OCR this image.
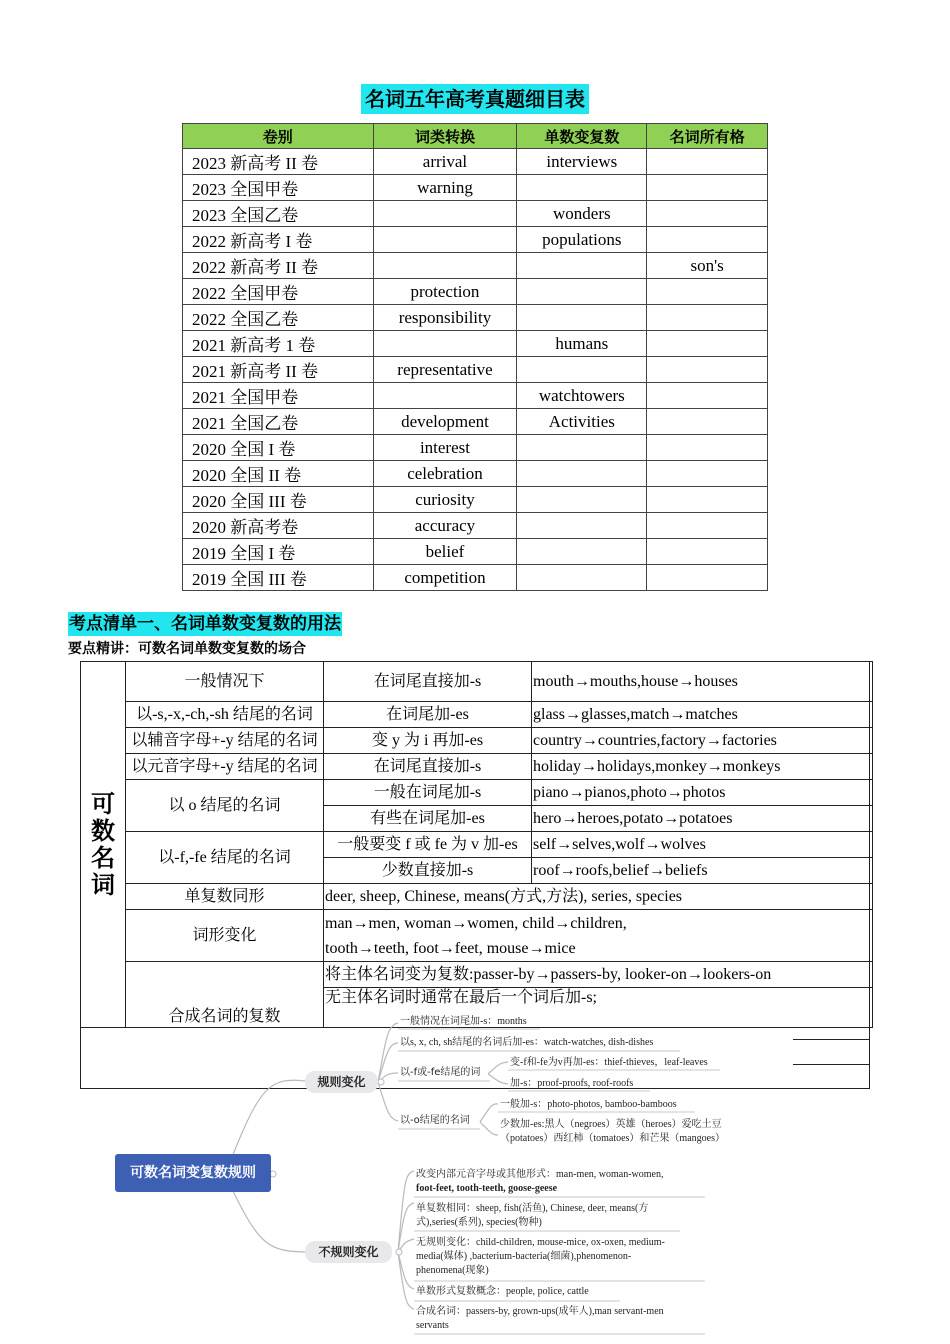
名词五年高考真题细目表
卷别	词类转换	单数变复数	名词所有格
2023 新高考 II 卷	arrival	interviews	
2023 全国甲卷	warning		
2023 全国乙卷		wonders	
2022 新高考 I 卷		populations	
2022 新高考 II 卷			son's
2022 全国甲卷	protection		
2022 全国乙卷	responsibility		
2021 新高考 1 卷		humans	
2021 新高考 II 卷	representative		
2021 全国甲卷		watchtowers	
2021 全国乙卷	development	Activities	
2020 全国 I 卷	interest		
2020 全国 II 卷	celebration		
2020 全国 III 卷	curiosity		
2020 新高考卷	accuracy		
2019 全国 I 卷	belief		
2019 全国 III 卷	competition		
考点清单一、名词单数变复数的用法
要点精讲：可数名词单数变复数的场合
可数名词	一般情况下	在词尾直接加-s	mouth→mouths,house→houses
	以-s,-x,-ch,-sh 结尾的名词	在词尾加-es	glass→glasses,match→matches
	以辅音字母+-y 结尾的名词	变 y 为 i 再加-es	country→countries,factory→factories
	以元音字母+-y 结尾的名词	在词尾直接加-s	holiday→holidays,monkey→monkeys
	以 o 结尾的名词	一般在词尾加-s	piano→pianos,photo→photos
		有些在词尾加-es	hero→heroes,potato→potatoes
	以-f,-fe 结尾的名词	一般要变 f 或 fe 为 v 加-es	self→selves,wolf→wolves
		少数直接加-s	roof→roofs,belief→beliefs
	单复数同形	deer, sheep, Chinese, means(方式,方法), series, species	
	词形变化	man→men, woman→women, child→children,
tooth→teeth, foot→feet, mouse→mice	

	合成名词的复数	将主体名词变为复数:passer-by→passers-by, looker-on→lookers-on	
		无主体名词时通常在最后一个词后加-s;	
可数名词变复数规则
规则变化
不规则变化
一般情况在词尾加-s：months
以s, x, ch, sh结尾的名词后加-es：watch-watches, dish-dishes
以-f或-fe结尾的词
变-f和-fe为v再加-es：thief-thieves，leaf-leaves
加-s：proof-proofs, roof-roofs
以-o结尾的名词
一般加-s：photo-photos, bamboo-bamboos
少数加-es:黑人（negroes）英雄（heroes）爱吃土豆
（potatoes）西红柿（tomatoes）和芒果（mangoes）
改变内部元音字母或其他形式：man-men, woman-women,
foot-feet, tooth-teeth, goose-geese
单复数相同：sheep, fish(活鱼), Chinese, deer, means(方
式),series(系列), species(物种)
无规则变化：child-children, mouse-mice, ox-oxen, medium-
media(媒体) ,bacterium-bacteria(细菌),phenomenon-
phenomena(现象)
单数形式复数概念：people, police, cattle
合成名词：passers-by, grown-ups(成年人),man servant-men
servants
